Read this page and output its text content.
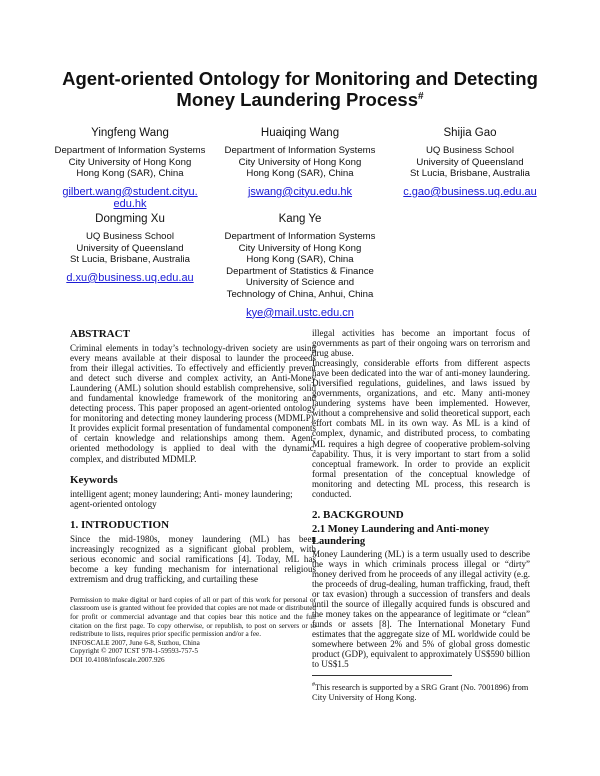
Agent-oriented Ontology for Monitoring and Detecting
Money Laundering Process#
Yingfeng Wang
Department of Information Systems
City University of Hong Kong
Hong Kong (SAR), China
gilbert.wang@student.cityu.
edu.hk
Huaiqing Wang
Department of Information Systems
City University of Hong Kong
Hong Kong (SAR), China
jswang@cityu.edu.hk
Shijia Gao
UQ Business School
University of Queensland
St Lucia, Brisbane, Australia
c.gao@business.uq.edu.au
Dongming Xu
UQ Business School
University of Queensland
St Lucia, Brisbane, Australia
d.xu@business.uq.edu.au
Kang Ye
Department of Information Systems
City University of Hong Kong
Hong Kong (SAR), China
Department of Statistics & Finance
University of Science and
Technology of China, Anhui, China
kye@mail.ustc.edu.cn
ABSTRACT

Criminal elements in today’s technology-driven society are using every means available at their disposal to launder the proceeds from their illegal activities. To effectively and efficiently prevent and detect such diverse and complex activity, an Anti-Money Laundering (AML) solution should establish comprehensive, solid and fundamental knowledge framework of the monitoring and detecting process. This paper proposed an agent-oriented ontology for monitoring and detecting money laundering process (MDMLP). It provides explicit formal presentation of fundamental components of certain knowledge and relationships among them. Agent-oriented methodology is applied to deal with the dynamic, complex, and distributed MDMLP.

Keywords

intelligent agent; money laundering; Anti- money laundering; agent-oriented ontology

1. INTRODUCTION

Since the mid-1980s, money laundering (ML) has been increasingly recognized as a significant global problem, with serious economic and social ramifications [4]. Today, ML has become a key funding mechanism for international religious extremism and drug trafficking, and curtailing these

Permission to make digital or hard copies of all or part of this work for personal or classroom use is granted without fee provided that copies are not made or distributed for profit or commercial advantage and that copies bear this notice and the full citation on the first page. To copy otherwise, or republish, to post on servers or to redistribute to lists, requires prior specific permission and/or a fee.

INFOSCALE 2007, June 6-8, Suzhou, China

Copyright © 2007 ICST 978-1-59593-757-5

DOI 10.4108/infoscale.2007.926

illegal activities has become an important focus of governments as part of their ongoing wars on terrorism and drug abuse.

Increasingly, considerable efforts from different aspects have been dedicated into the war of anti-money laundering. Diversified regulations, guidelines, and laws issued by governments, organizations, and etc. Many anti-money laundering systems have been implemented. However, without a comprehensive and solid theoretical support, each effort combats ML in its own way. As ML is a kind of complex, dynamic, and distributed process, to combating ML requires a high degree of cooperative problem-solving capability. Thus, it is very important to start from a solid conceptual framework. In order to provide an explicit formal presentation of the conceptual knowledge of monitoring and detecting ML process, this research is conducted.

2. BACKGROUND
2.1 Money Laundering and Anti-money Laundering

Money Laundering (ML) is a term usually used to describe the ways in which criminals process illegal or “dirty” money derived from he proceeds of any illegal activity (e.g. the proceeds of drug-dealing, human trafficking, fraud, theft or tax evasion) through a succession of transfers and deals until the source of illegally acquired funds is obscured and the money takes on the appearance of legitimate or “clean” funds or assets [8]. The International Monetary Fund estimates that the aggregate size of ML worldwide could be somewhere between 2% and 5% of global gross domestic product (GDP), equivalent to approximately US$590 billion to US$1.5

#This research is supported by a SRG Grant (No. 7001896) from City University of Hong Kong.
